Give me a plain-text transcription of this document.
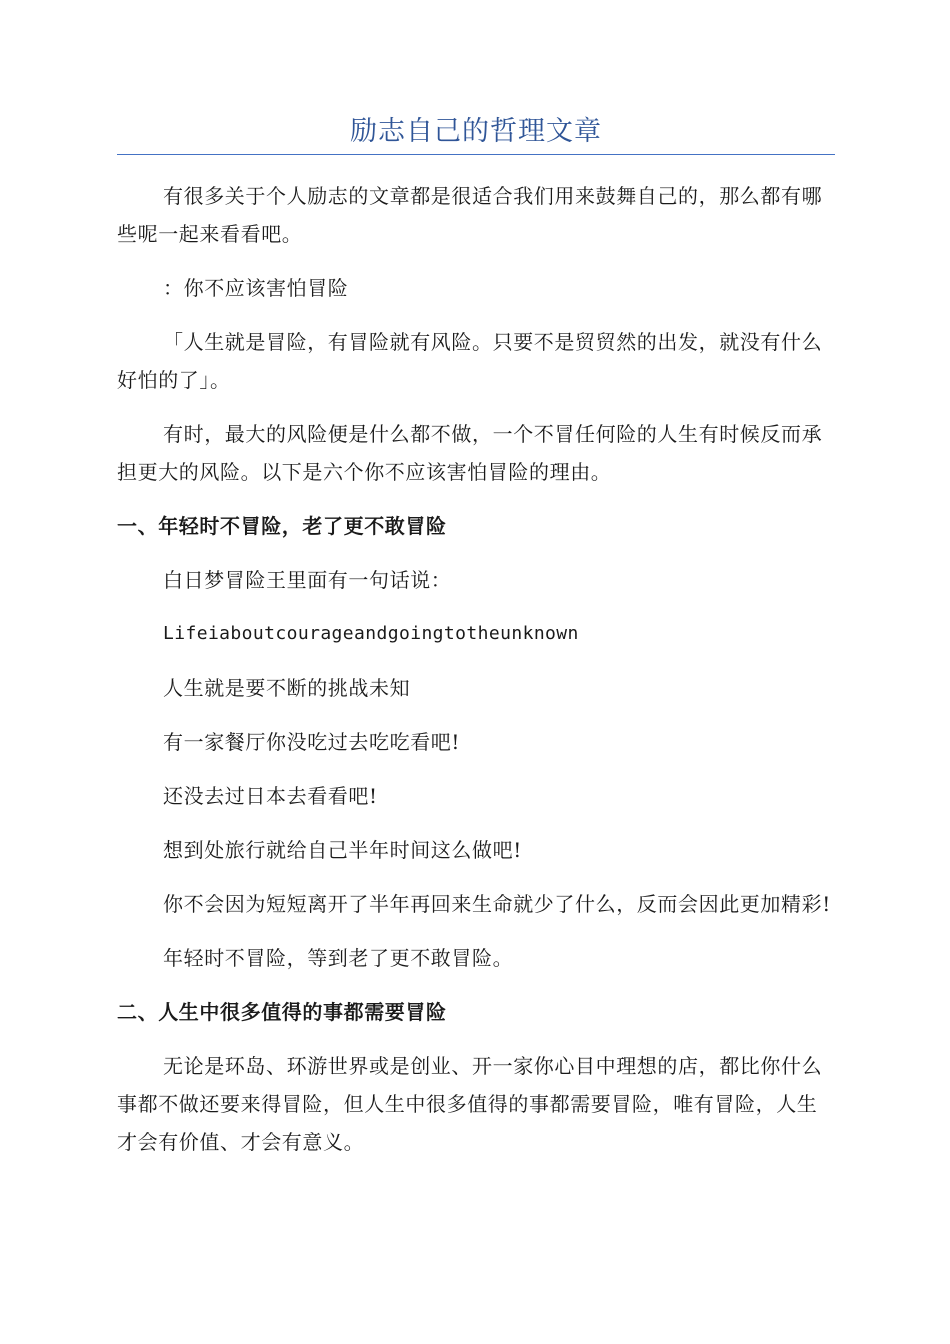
励志自己的哲理文章

有很多关于个人励志的文章都是很适合我们用来鼓舞自己的，那么都有哪些呢一起来看看吧。

：你不应该害怕冒险

「人生就是冒险，有冒险就有风险。只要不是贸贸然的出发，就没有什么好怕的了」。

有时，最大的风险便是什么都不做，一个不冒任何险的人生有时候反而承担更大的风险。以下是六个你不应该害怕冒险的理由。

一、年轻时不冒险，老了更不敢冒险

白日梦冒险王里面有一句话说：

Lifeiaboutcourageandgoingtotheunknown

人生就是要不断的挑战未知

有一家餐厅你没吃过去吃吃看吧!

还没去过日本去看看吧!

想到处旅行就给自己半年时间这么做吧!

你不会因为短短离开了半年再回来生命就少了什么，反而会因此更加精彩!

年轻时不冒险，等到老了更不敢冒险。

二、人生中很多值得的事都需要冒险

无论是环岛、环游世界或是创业、开一家你心目中理想的店，都比你什么事都不做还要来得冒险，但人生中很多值得的事都需要冒险，唯有冒险，人生才会有价值、才会有意义。
